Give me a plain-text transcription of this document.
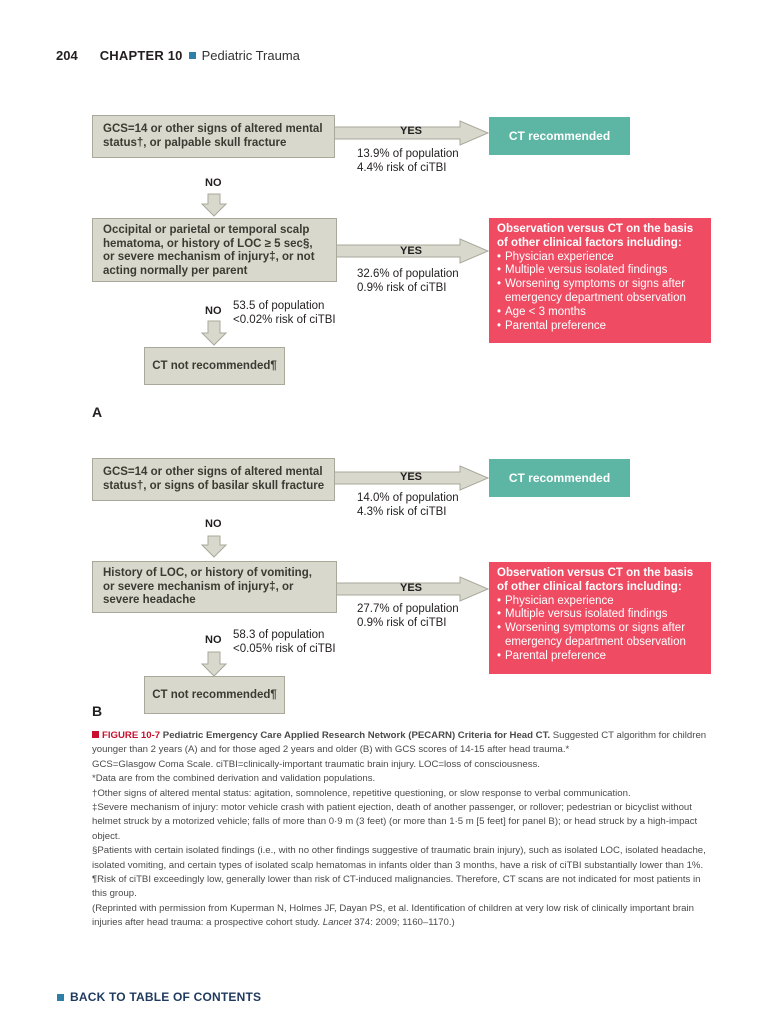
204 CHAPTER 10 Pediatric Trauma
GCS=14 or other signs of altered mental
status†, or palpable skull fracture
YES
13.9% of population
4.4% risk of ciTBI
CT recommended
NO
Occipital or parietal or temporal scalp
hematoma, or history of LOC ≥ 5 sec§,
or severe mechanism of injury‡, or not
acting normally per parent
YES
32.6% of population
0.9% risk of ciTBI
Observation versus CT on the basis
of other clinical factors including:
• Physician experience
• Multiple versus isolated findings
• Worsening symptoms or signs after
emergency department observation
• Age < 3 months
• Parental preference
NO 53.5 of population
<0.02% risk of ciTBI
CT not recommended¶
A
GCS=14 or other signs of altered mental
status†, or signs of basilar skull fracture
YES
14.0% of population
4.3% risk of ciTBI
CT recommended
NO
History of LOC, or history of vomiting,
or severe mechanism of injury‡, or
severe headache
YES
27.7% of population
0.9% risk of ciTBI
Observation versus CT on the basis
of other clinical factors including:
• Physician experience
• Multiple versus isolated findings
• Worsening symptoms or signs after
emergency department observation
• Parental preference
NO 58.3 of population
<0.05% risk of ciTBI
CT not recommended¶
B

FIGURE 10-7 Pediatric Emergency Care Applied Research Network (PECARN) Criteria for Head CT. Suggested CT algorithm for children younger than 2 years (A) and for those aged 2 years and older (B) with GCS scores of 14-15 after head trauma.*

GCS=Glasgow Coma Scale. ciTBI=clinically-important traumatic brain injury. LOC=loss of consciousness.

*Data are from the combined derivation and validation populations.

†Other signs of altered mental status: agitation, somnolence, repetitive questioning, or slow response to verbal communication.

‡Severe mechanism of injury: motor vehicle crash with patient ejection, death of another passenger, or rollover; pedestrian or bicyclist without helmet struck by a motorized vehicle; falls of more than 0·9 m (3 feet) (or more than 1·5 m [5 feet] for panel B); or head struck by a high-impact object.

§Patients with certain isolated findings (i.e., with no other findings suggestive of traumatic brain injury), such as isolated LOC, isolated headache, isolated vomiting, and certain types of isolated scalp hematomas in infants older than 3 months, have a risk of ciTBI substantially lower than 1%.

¶Risk of ciTBI exceedingly low, generally lower than risk of CT-induced malignancies. Therefore, CT scans are not indicated for most patients in this group.

(Reprinted with permission from Kuperman N, Holmes JF, Dayan PS, et al. Identification of children at very low risk of clinically important brain injuries after head trauma: a prospective cohort study. Lancet 374: 2009; 1160–1170.)

BACK TO TABLE OF CONTENTS
